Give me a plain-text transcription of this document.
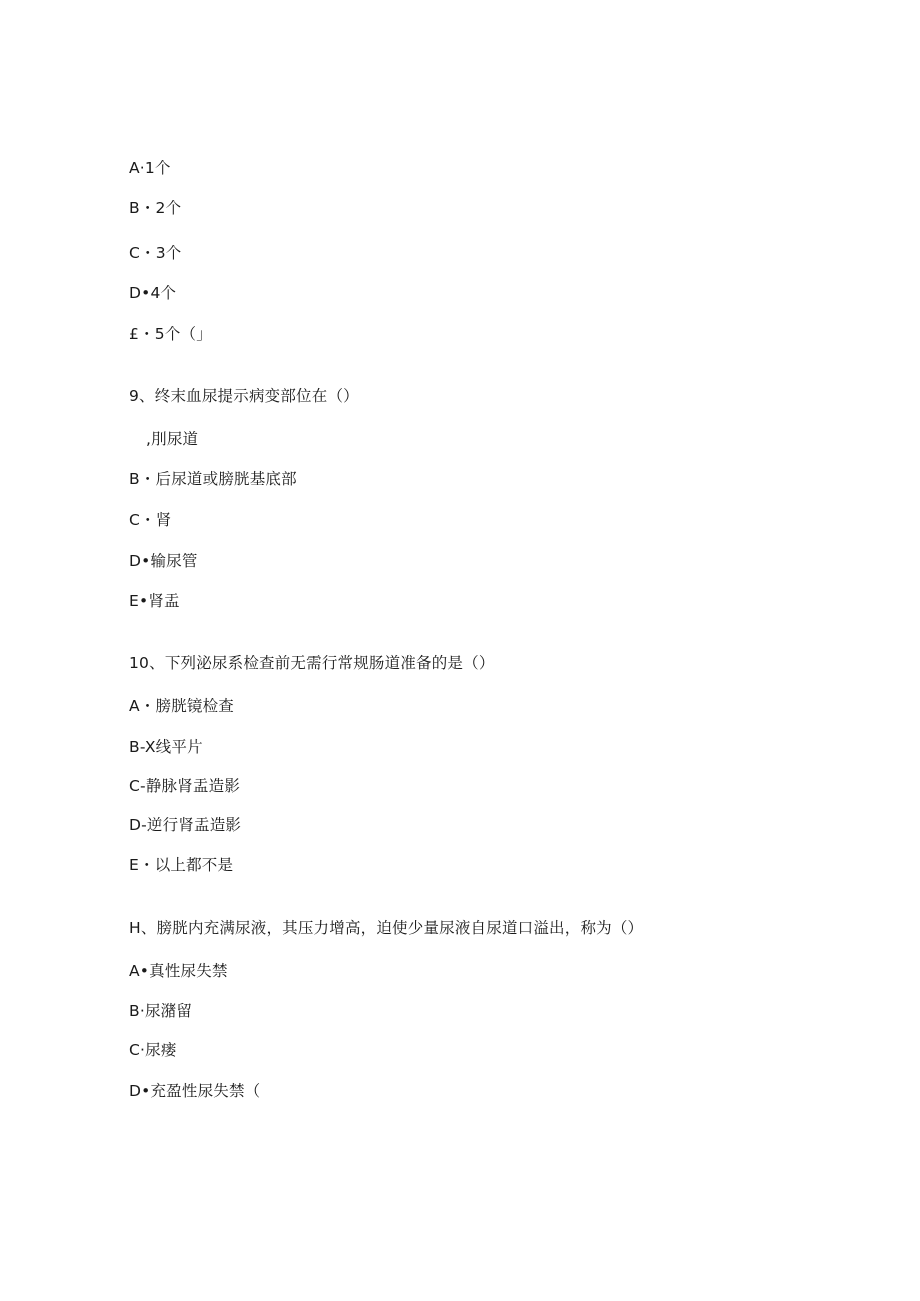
A·1个
B・2个
C・3个
D•4个
£・5个（」
9、终末血尿提示病变部位在（）
,刖尿道
B・后尿道或膀胱基底部
C・肾
D•输尿管
E•肾盂
10、下列泌尿系检查前无需行常规肠道准备的是（）
A・膀胱镜检查
B-X线平片
C-静脉肾盂造影
D-逆行肾盂造影
E・以上都不是
H、膀胱内充满尿液，其压力增高，迫使少量尿液自尿道口溢出，称为（）
A•真性尿失禁
B·尿潴留
C·尿瘘
D•充盈性尿失禁（
